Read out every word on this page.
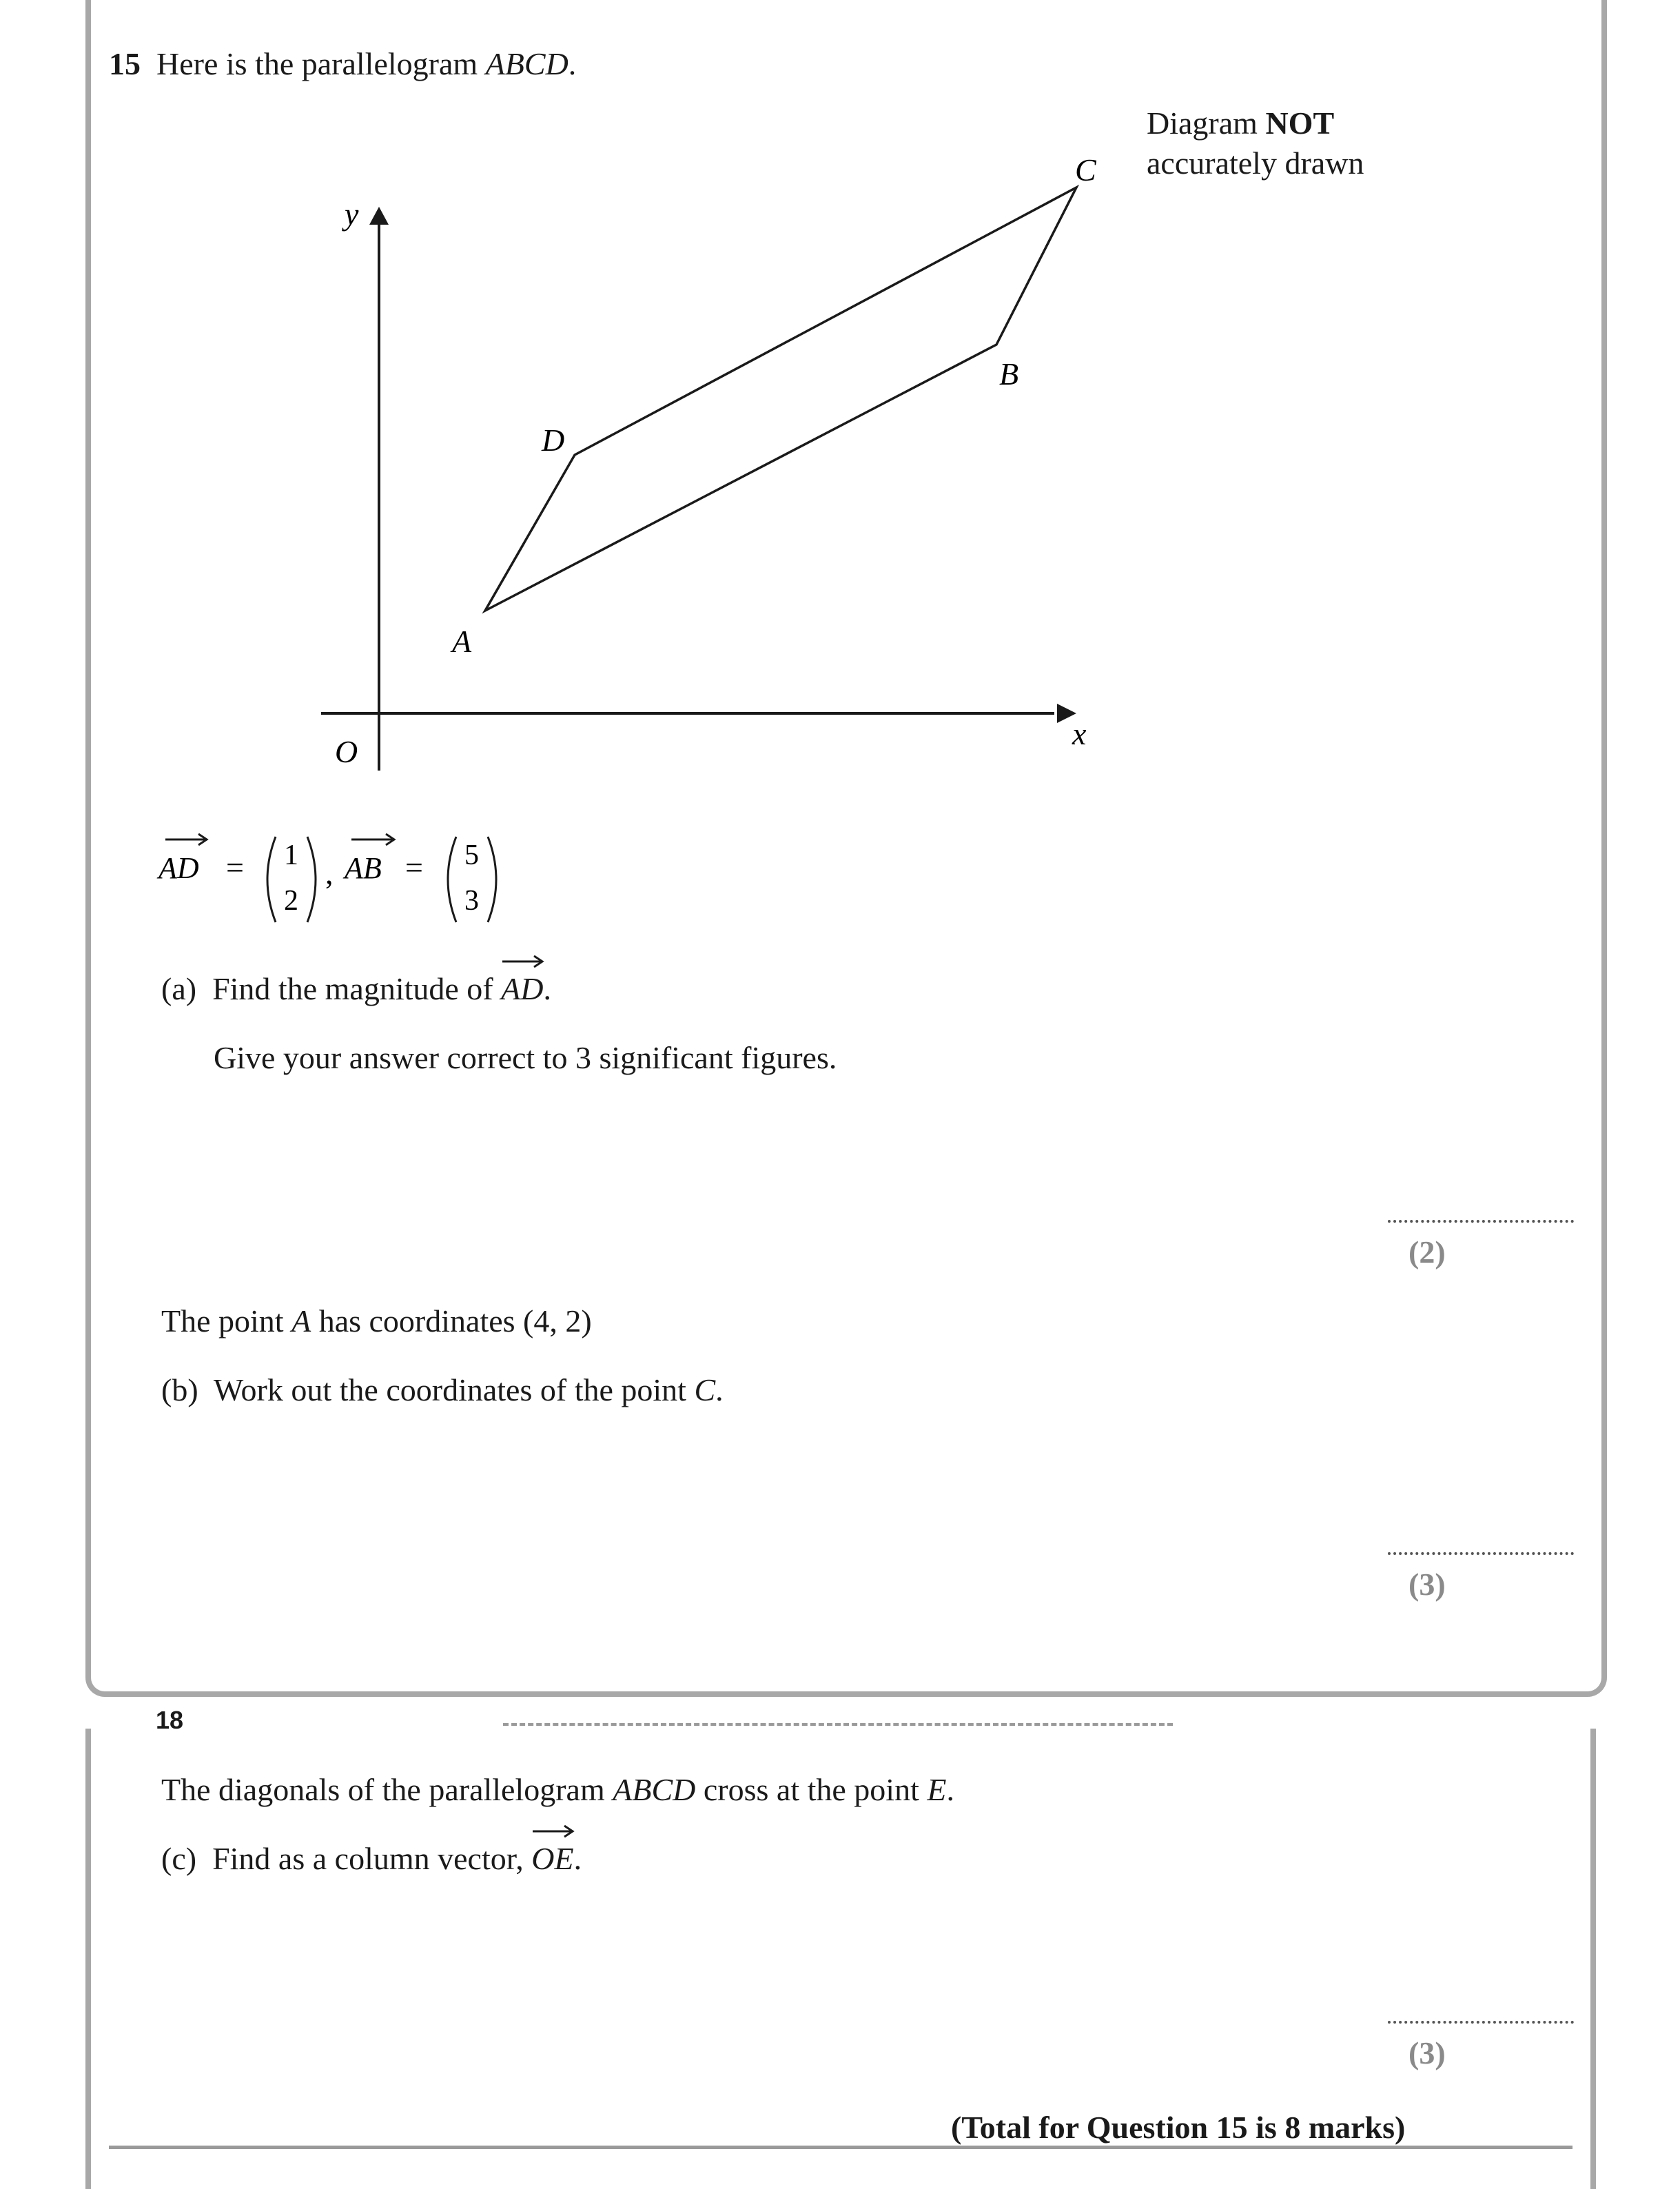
15 Here is the parallelogram ABCD.
Diagram NOT
accurately drawn
y
x
O
A
B
C
D
AD = 1
2
, AB = 5
3
(a) Find the magnitude of AD
.
Give your answer correct to 3 significant figures.
(2)
The point A has coordinates (4, 2)
(b) Work out the coordinates of the point C.
(3)
18
The diagonals of the parallelogram ABCD cross at the point E.
(c) Find as a column vector, OE
.
(3)
(Total for Question 15 is 8 marks)
